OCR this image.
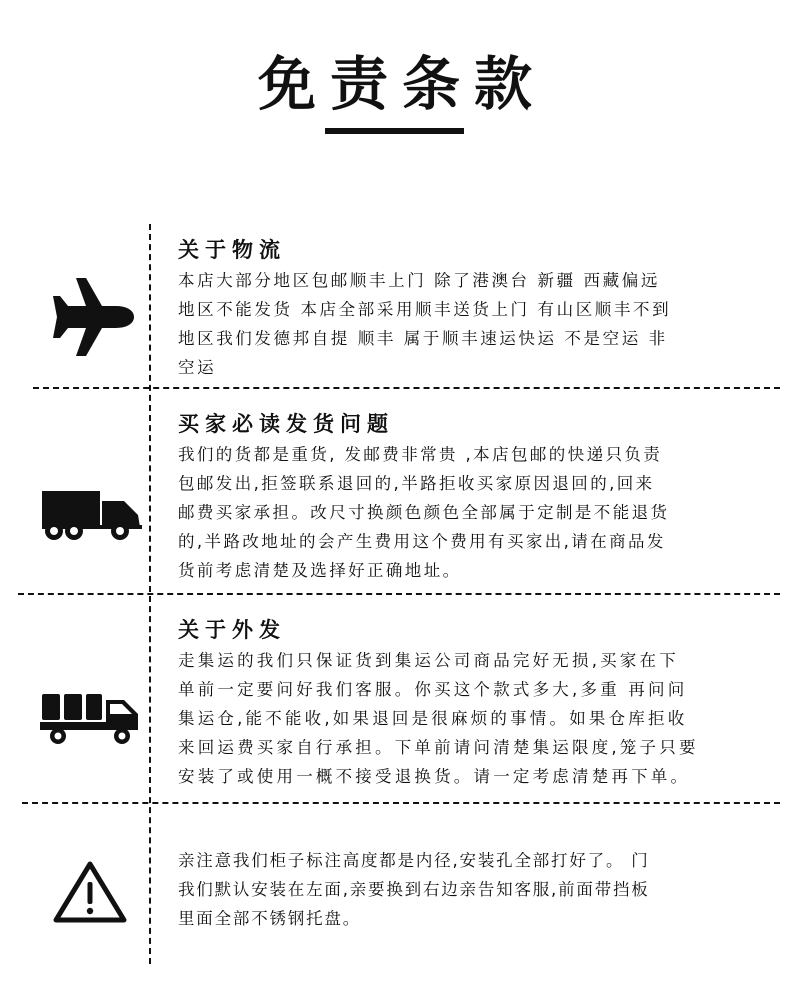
免责条款
关于物流
本店大部分地区包邮顺丰上门 除了港澳台 新疆 西藏偏远
地区不能发货 本店全部采用顺丰送货上门 有山区顺丰不到
地区我们发德邦自提 顺丰 属于顺丰速运快运 不是空运 非
空运
买家必读发货问题
我们的货都是重货, 发邮费非常贵 ,本店包邮的快递只负责
包邮发出,拒签联系退回的,半路拒收买家原因退回的,回来
邮费买家承担。改尺寸换颜色颜色全部属于定制是不能退货
的,半路改地址的会产生费用这个费用有买家出,请在商品发
货前考虑清楚及选择好正确地址。
关于外发
走集运的我们只保证货到集运公司商品完好无损,买家在下
单前一定要问好我们客服。你买这个款式多大,多重 再问问
集运仓,能不能收,如果退回是很麻烦的事情。如果仓库拒收
来回运费买家自行承担。下单前请问清楚集运限度,笼子只要
安装了或使用一概不接受退换货。请一定考虑清楚再下单。
亲注意我们柜子标注高度都是内径,安装孔全部打好了。 门
我们默认安装在左面,亲要换到右边亲告知客服,前面带挡板
里面全部不锈钢托盘。
